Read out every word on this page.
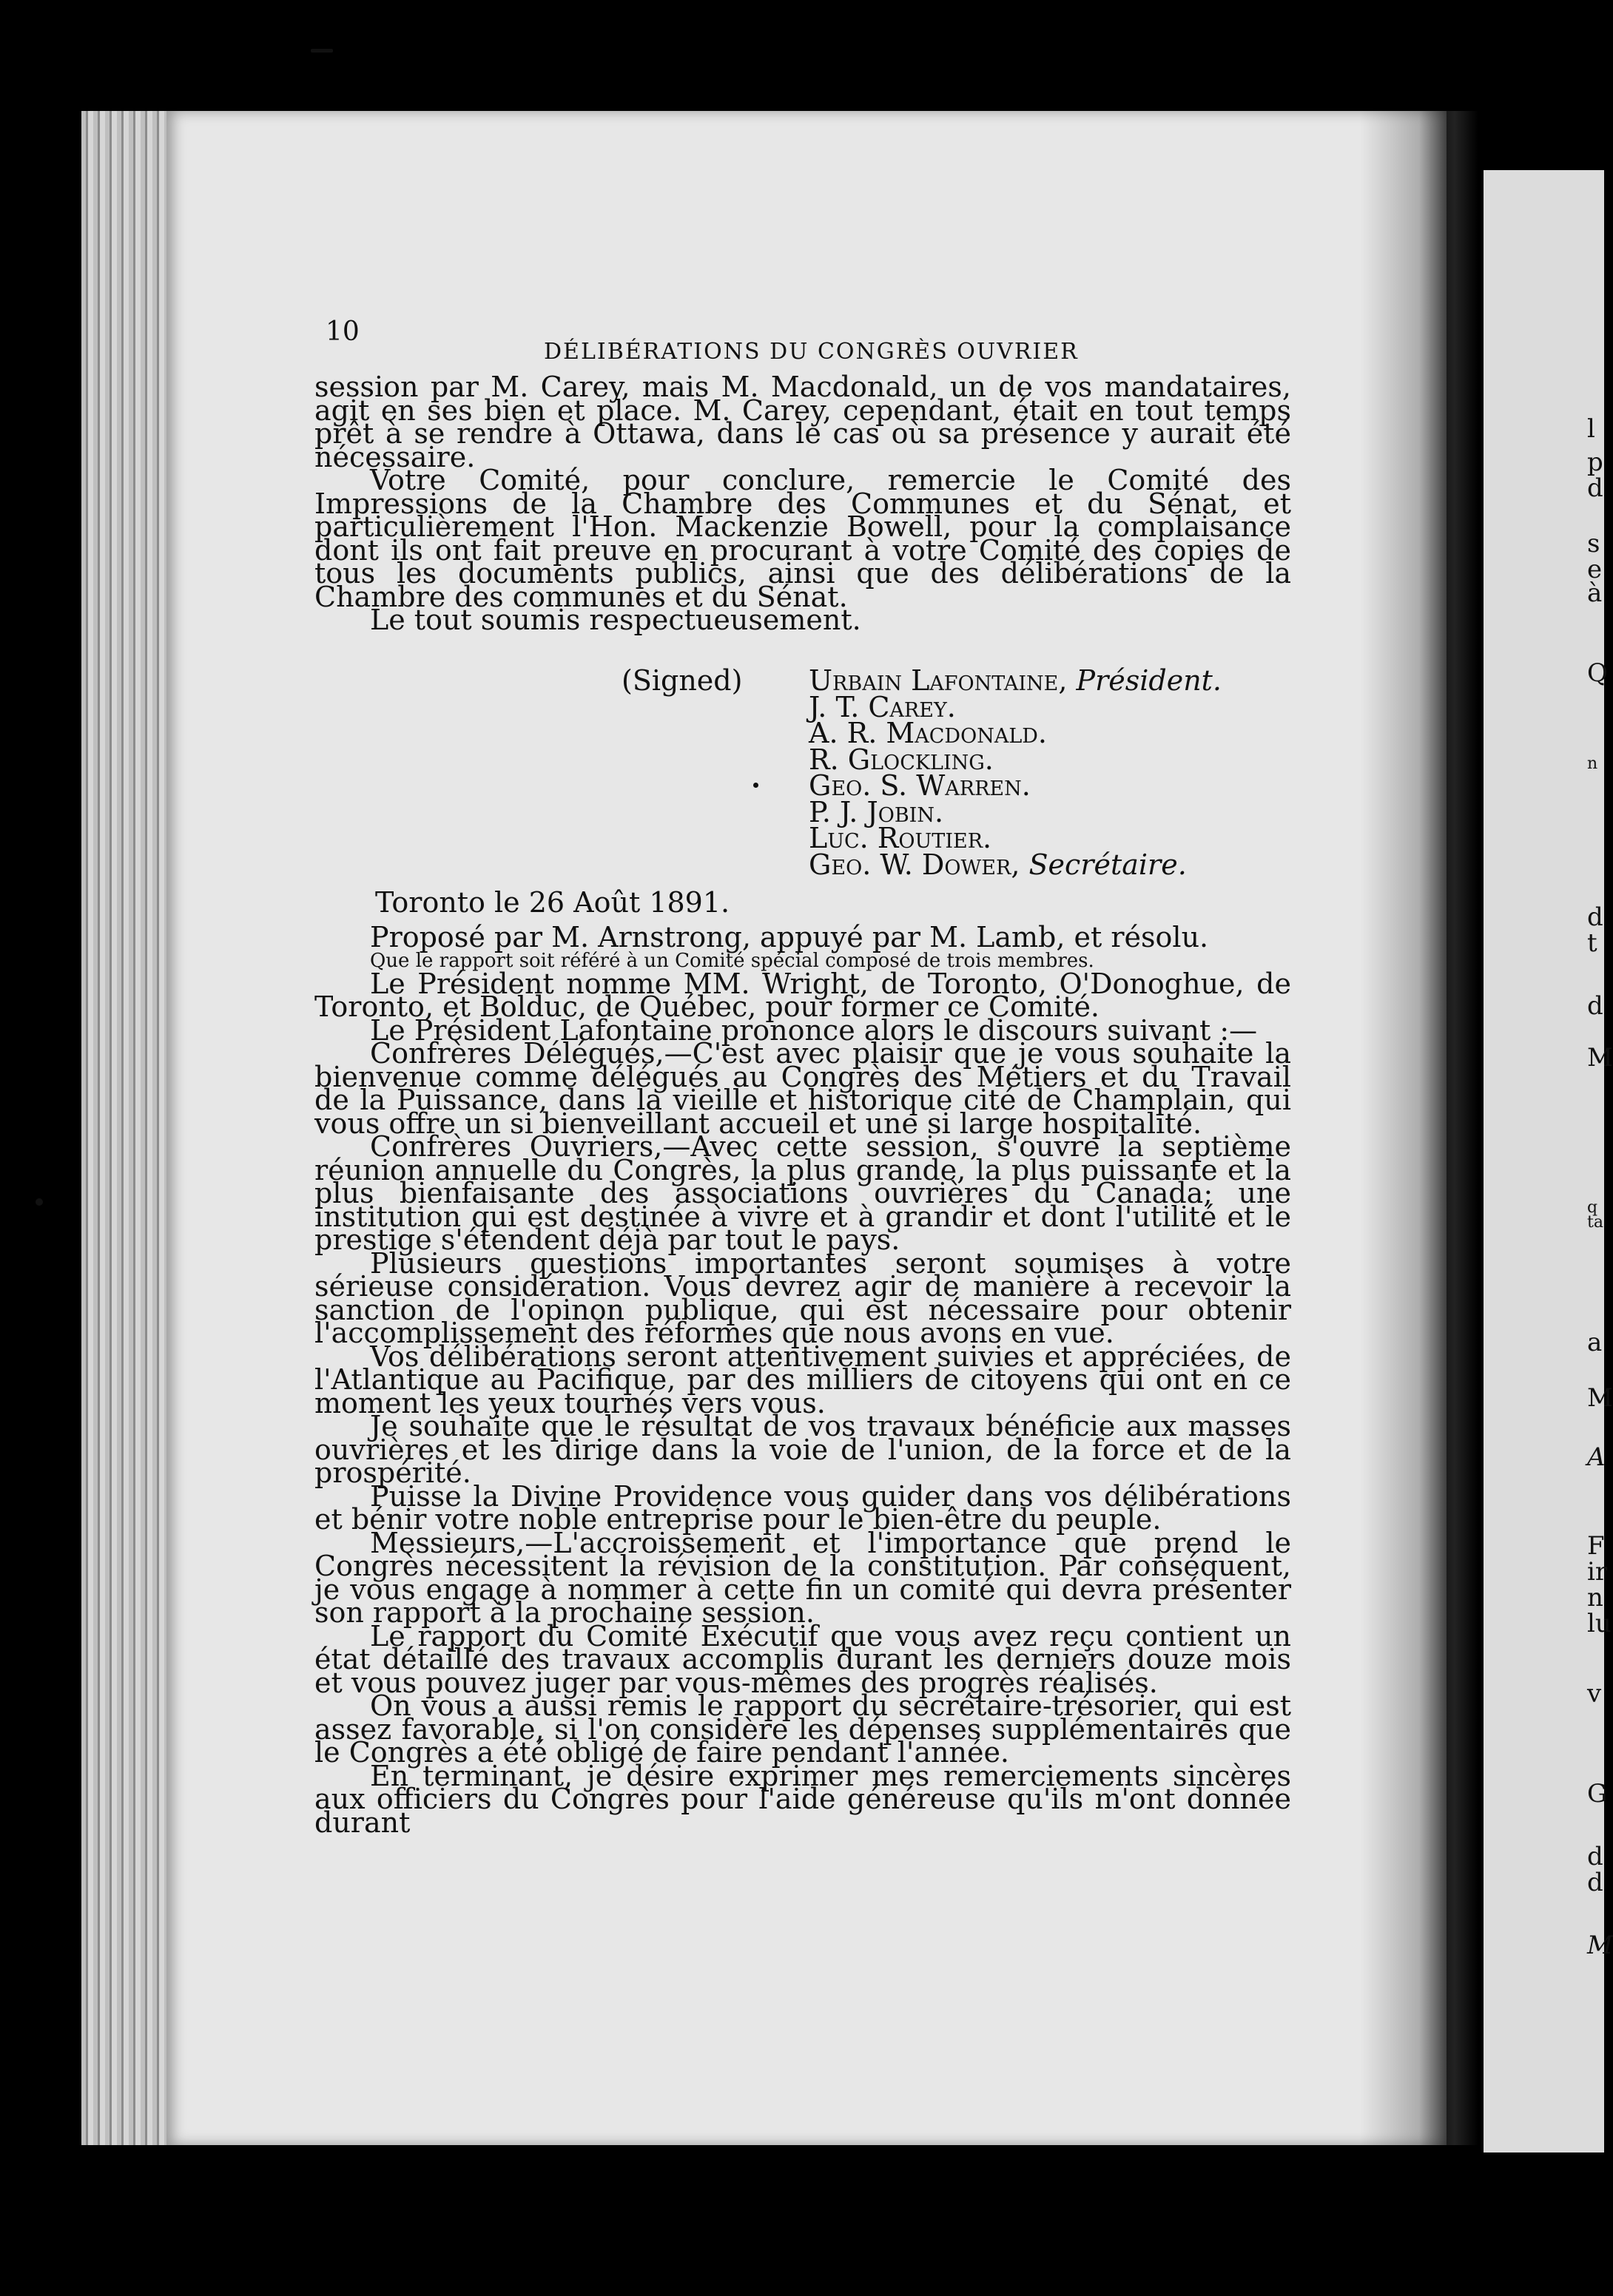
l
p
d
s
e
à
Q
n
d
t
d
M
q
ta
a
M
A
F
ir
n
lu
v
G
d
d
M
10
DÉLIBÉRATIONS DU CONGRÈS OUVRIER

session par M. Carey, mais M. Macdonald, un de vos mandataires, agit en ses bien et place. M. Carey, cependant, était en tout temps prêt à se rendre à Ottawa, dans le cas où sa présence y aurait été nécessaire.

Votre Comité, pour conclure, remercie le Comité des Impressions de la Chambre des Communes et du Sénat, et particulièrement l'Hon. Mackenzie Bowell, pour la complaisance dont ils ont fait preuve en procurant à votre Comité des copies de tous les documents publics, ainsi que des délibérations de la Chambre des communes et du Sénat.

Le tout soumis respectueusement.

(Signed) Urbain Lafontaine, Président.
J. T. Carey.
A. R. Macdonald.
R. Glockling.
Geo. S. Warren.
P. J. Jobin.
Luc. Routier.
Geo. W. Dower, Secrétaire.
Toronto le 26 Août 1891.

Proposé par M. Arnstrong, appuyé par M. Lamb, et résolu.

Que le rapport soit référé à un Comité spécial composé de trois membres.

Le Président nomme MM. Wright, de Toronto, O'Donoghue, de Toronto, et Bolduc, de Québec, pour former ce Comité.

Le Président Lafontaine prononce alors le discours suivant :—

Confrères Délégués,—C'est avec plaisir que je vous souhaite la bienvenue comme délégués au Congrès des Métiers et du Travail de la Puissance, dans la vieille et historique cité de Champlain, qui vous offre un si bienveillant accueil et une si large hospitalité.

Confrères Ouvriers,—Avec cette session, s'ouvre la septième réunion annuelle du Congrès, la plus grande, la plus puissante et la plus bienfaisante des associations ouvrières du Canada; une institution qui est destinée à vivre et à grandir et dont l'utilité et le prestige s'étendent déjà par tout le pays.

Plusieurs questions importantes seront soumises à votre sérieuse considération. Vous devrez agir de manière à recevoir la sanction de l'opinon publique, qui est nécessaire pour obtenir l'accomplissement des réformes que nous avons en vue.

Vos délibérations seront attentivement suivies et appréciées, de l'Atlantique au Pacifique, par des milliers de citoyens qui ont en ce moment les yeux tournés vers vous.

Je souhaite que le résultat de vos travaux bénéficie aux masses ouvrières et les dirige dans la voie de l'union, de la force et de la prospérité.

Puisse la Divine Providence vous guider dans vos délibérations et bénir votre noble entreprise pour le bien-être du peuple.

Messieurs,—L'accroissement et l'importance que prend le Congrès nécessitent la révision de la constitution. Par conséquent, je vous engage à nommer à cette fin un comité qui devra présenter son rapport à la prochaine session.

Le rapport du Comité Exécutif que vous avez reçu contient un état détaillé des travaux accomplis durant les derniers douze mois et vous pouvez juger par vous-mêmes des progrès réalisés.

On vous a aussi remis le rapport du secrétaire-trésorier, qui est assez favorable, si l'on considère les dépenses supplémentaires que le Congrès a été obligé de faire pendant l'année.

En terminant, je désire exprimer mes remerciements sincères aux officiers du Congrès pour l'aide généreuse qu'ils m'ont donnée durant
